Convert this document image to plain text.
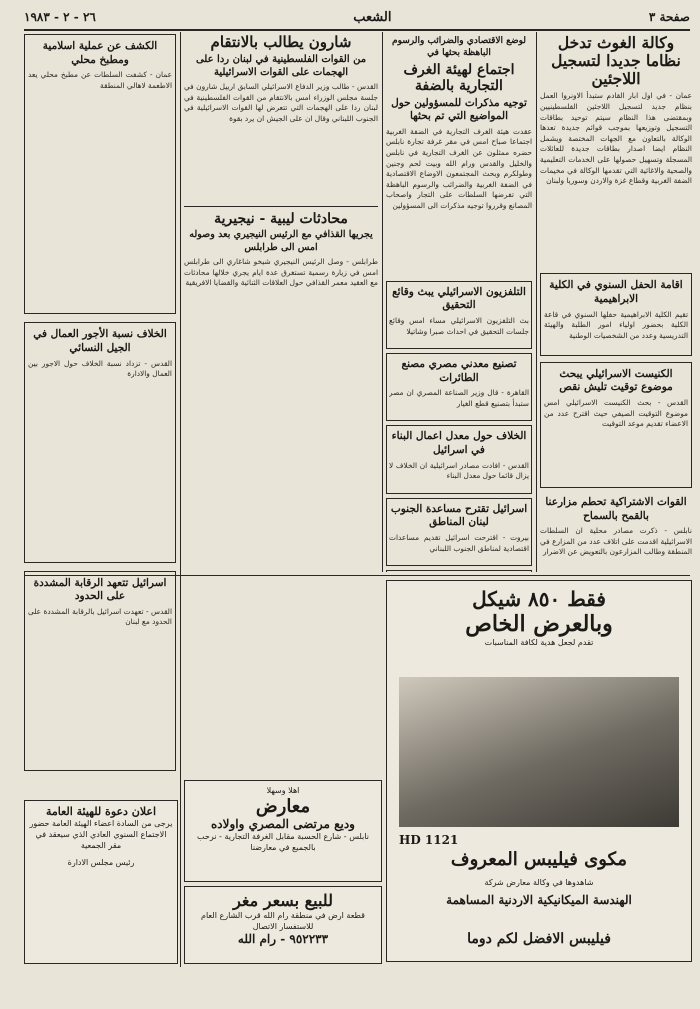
صفحة ٣
الشعب
٢٦ - ٢ - ١٩٨٣
وكالة الغوث تدخل نظاما جديدا لتسجيل اللاجئين
عمان - في اول ابار القادم ستبدأ الاونروا العمل بنظام جديد لتسجيل اللاجئين الفلسطينيين وبمقتضى هذا النظام سيتم توحيد بطاقات التسجيل وتوزيعها بموجب قوائم جديدة تعدها الوكالة بالتعاون مع الجهات المختصة ويشمل النظام ايضا اصدار بطاقات جديدة للعائلات المسجلة وتسهيل حصولها على الخدمات التعليمية والصحية والاغاثية التي تقدمها الوكالة في مخيمات الضفة الغربية وقطاع غزة والاردن وسوريا ولبنان
اقامة الحفل السنوي في الكلية الابراهيمية
تقيم الكلية الابراهيمية حفلها السنوي في قاعة الكلية بحضور اولياء امور الطلبة والهيئة التدريسية وعدد من الشخصيات الوطنية
الكنيست الاسرائيلي يبحث موضوع توقيت تليش نقص
القدس - بحث الكنيست الاسرائيلي امس موضوع التوقيت الصيفي حيث اقترح عدد من الاعضاء تقديم موعد التوقيت
القوات الاشتراكية تحطم مزارعنا بالقمح بالسماح
نابلس - ذكرت مصادر محلية ان السلطات الاسرائيلية اقدمت على اتلاف عدد من المزارع في المنطقة وطالب المزارعون بالتعويض عن الاضرار
لوضع الاقتصادي والضرائب والرسوم الباهظة بحثها في
اجتماع لهيئة الغرف التجارية بالضفة
توجيه مذكرات للمسؤولين حول المواضيع التي تم بحثها
عقدت هيئة الغرف التجارية في الضفة الغربية اجتماعا صباح امس في مقر غرفة تجارة نابلس حضره ممثلون عن الغرف التجارية في نابلس والخليل والقدس ورام الله وبيت لحم وجنين وطولكرم وبحث المجتمعون الاوضاع الاقتصادية في الضفة الغربية والضرائب والرسوم الباهظة التي تفرضها السلطات على التجار واصحاب المصانع وقرروا توجيه مذكرات الى المسؤولين
التلفزيون الاسرائيلي يبث وقائع التحقيق
بث التلفزيون الاسرائيلي مساء امس وقائع جلسات التحقيق في احداث صبرا وشاتيلا
تصنيع معدني مصري مصنع الطائرات
القاهرة - قال وزير الصناعة المصري ان مصر ستبدأ بتصنيع قطع الغيار
الخلاف حول معدل اعمال البناء في اسرائيل
القدس - افادت مصادر اسرائيلية ان الخلاف لا يزال قائما حول معدل البناء
اسرائيل تقترح مساعدة الجنوب لبنان المناطق
بيروت - اقترحت اسرائيل تقديم مساعدات اقتصادية لمناطق الجنوب اللبناني
شارون يطالب بالانتقام
من القوات الفلسطينية في لبنان ردا على الهجمات على القوات الاسرائيلية
القدس - طالب وزير الدفاع الاسرائيلي السابق ارييل شارون في جلسة مجلس الوزراء امس بالانتقام من القوات الفلسطينية في لبنان ردا على الهجمات التي تتعرض لها القوات الاسرائيلية في الجنوب اللبناني وقال ان على الجيش ان يرد بقوة
محادثات ليبية - نيجيرية
يجريها القذافي مع الرئيس النيجيري بعد وصوله امس الى طرابلس
طرابلس - وصل الرئيس النيجيري شيخو شاغاري الى طرابلس امس في زيارة رسمية تستغرق عدة ايام يجري خلالها محادثات مع العقيد معمر القذافي حول العلاقات الثنائية والقضايا الافريقية
الكشف عن عملية اسلامية ومطبخ محلي
عمان - كشفت السلطات عن مطبخ محلي يعد الاطعمة لاهالي المنطقة
الخلاف نسبة الأجور العمال في الجيل النسائي
القدس - تزداد نسبة الخلاف حول الاجور بين العمال والادارة
اسرائيل تتعهد الرقابة المشددة على الحدود
القدس - تعهدت اسرائيل بالرقابة المشددة على الحدود مع لبنان
فقط ٨٥٠ شيكل
وبالعرض الخاص
تقدم لجعل هدية لكافة المناسبات
HD 1121
مكوى فيليبس المعروف
شاهدوها في وكالة معارض شركة
الهندسة الميكانيكية الاردنية المساهمة
فيليبس الافضل لكم دوما
اهلا وسهلا
معارض
وديع مرتضى المصري واولاده
نابلس - شارع الحسبة مقابل الغرفة التجارية - نرحب بالجميع في معارضنا
للبيع بسعر مغر
قطعة ارض في منطقة رام الله قرب الشارع العام للاستفسار الاتصال
٩٥٢٢٣٣ - رام الله
اعلان دعوة للهيئة العامة
يرجى من السادة اعضاء الهيئة العامة حضور الاجتماع السنوي العادي الذي سيعقد في مقر الجمعية
رئيس مجلس الادارة
